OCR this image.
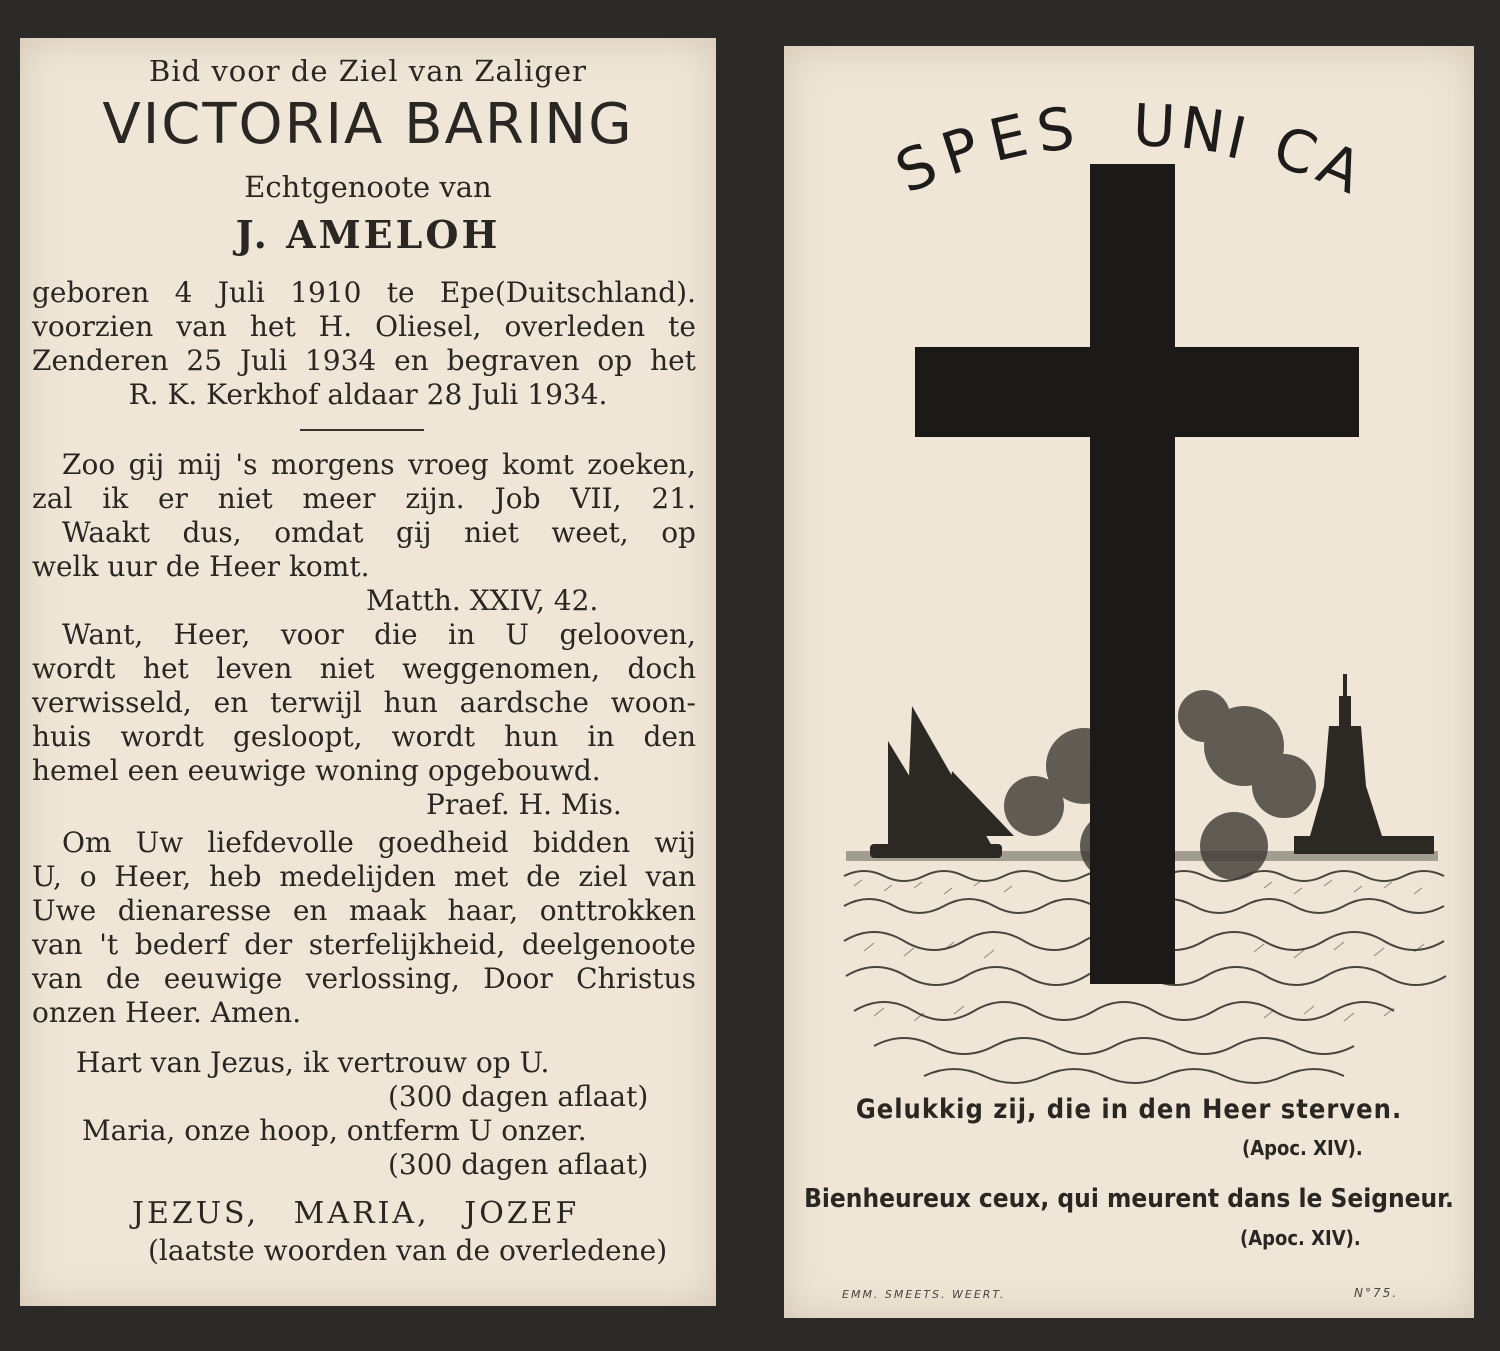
Bid voor de Ziel van Zaliger
VICTORIA BARING
Echtgenoote van
J. AMELOH
geboren 4 Juli 1910 te Epe(Duitschland).
voorzien van het H. Oliesel, overleden te
Zenderen 25 Juli 1934 en begraven op het
R. K. Kerkhof aldaar 28 Juli 1934.
Zoo gij mij 's morgens vroeg komt zoeken,
zal ik er niet meer zijn. Job VII, 21.
Waakt dus, omdat gij niet weet, op
welk uur de Heer komt.
Matth. XXIV, 42.
Want, Heer, voor die in U gelooven,
wordt het leven niet weggenomen, doch
verwisseld, en terwijl hun aardsche woon-
huis wordt gesloopt, wordt hun in den
hemel een eeuwige woning opgebouwd.
Praef. H. Mis.
Om Uw liefdevolle goedheid bidden wij
U, o Heer, heb medelijden met de ziel van
Uwe dienaresse en maak haar, onttrokken
van 't bederf der sterfelijkheid, deelgenoote
van de eeuwige verlossing, Door Christus
onzen Heer. Amen.
Hart van Jezus, ik vertrouw op U.
(300 dagen aflaat)
Maria, onze hoop, ontferm U onzer.
(300 dagen aflaat)
JEZUS, MARIA, JOZEF
(laatste woorden van de overledene)
S
P
E S U N
I C
A
Gelukkig zij, die in den Heer sterven.
(Apoc. XIV).
Bienheureux ceux, qui meurent dans le Seigneur.
(Apoc. XIV).
EMM. SMEETS. WEERT.	N°75.
